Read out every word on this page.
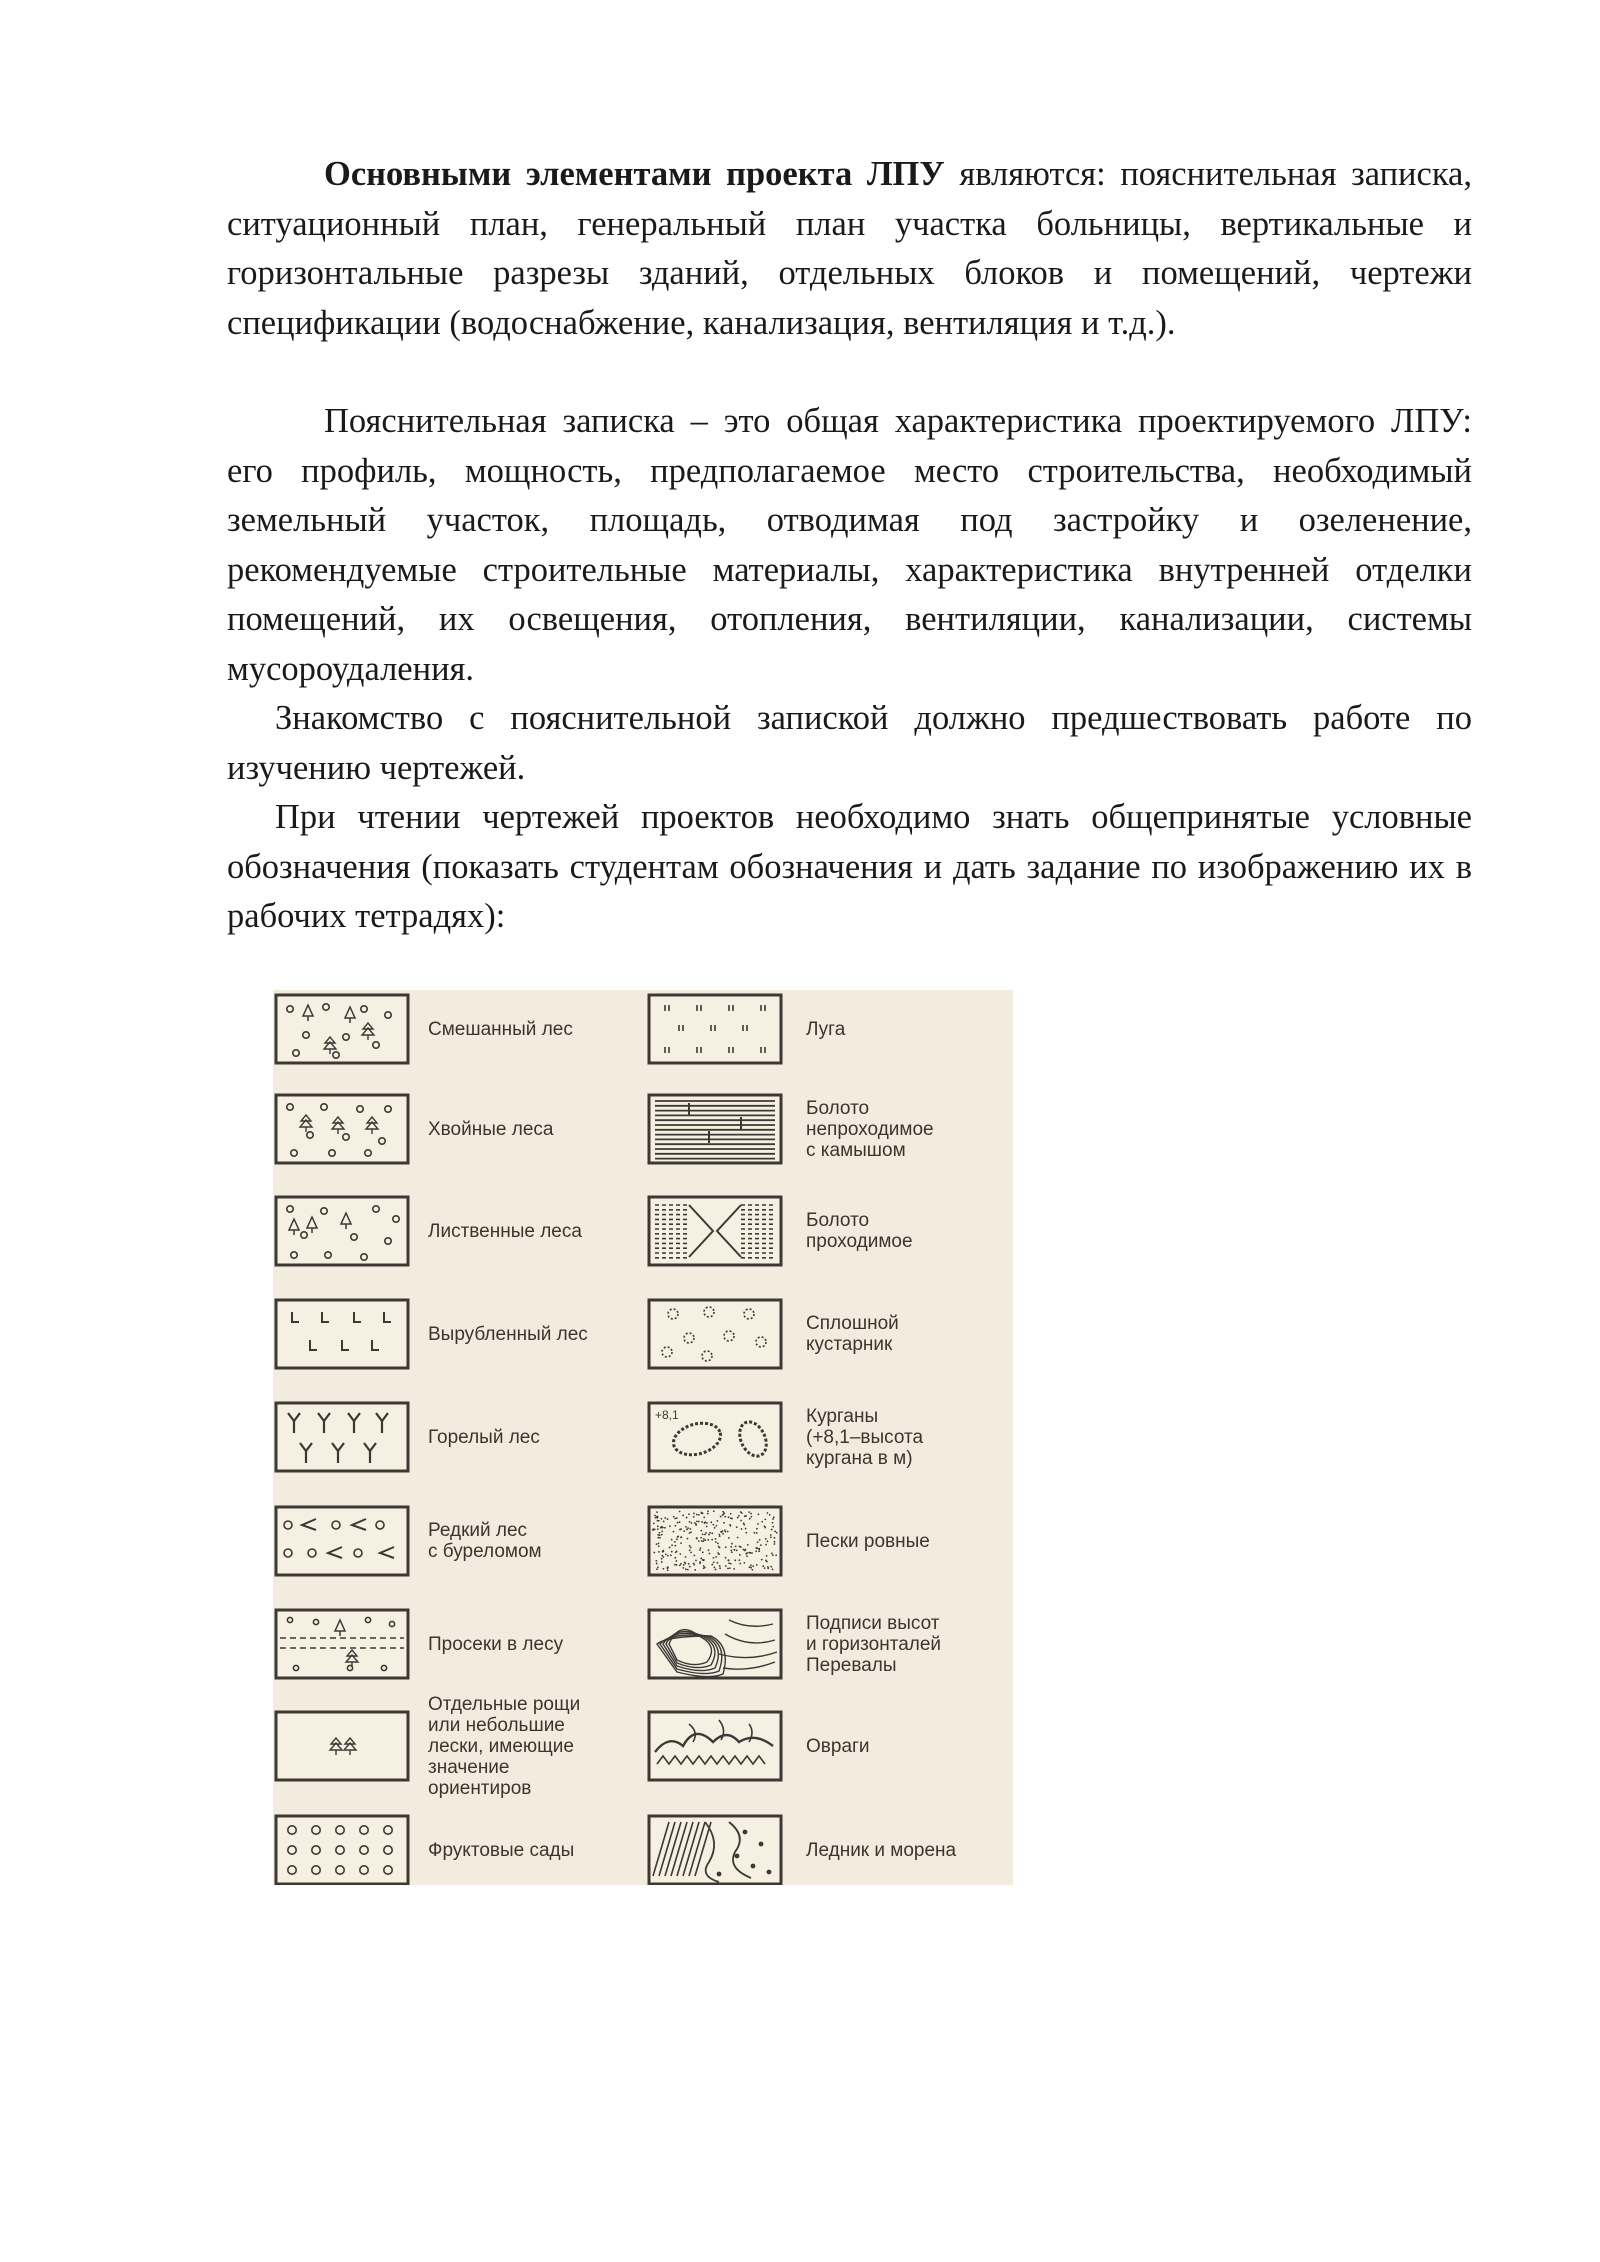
Основными элементами проекта ЛПУ являются: пояснительная записка, ситуационный план, генеральный план участка больницы, вертикальные и горизонтальные разрезы зданий, отдельных блоков и помещений, чертежи спецификации (водоснабжение, канализация, вентиляция и т.д.).

Пояснительная записка – это общая характеристика проектируемого ЛПУ: его профиль, мощность, предполагаемое место строительства, необходимый земельный участок, площадь, отводимая под застройку и озеленение, рекомендуемые строительные материалы, характеристика внутренней отделки помещений, их освещения, отопления, вентиляции, канализации, системы мусороудаления.

Знакомство с пояснительной запиской должно предшествовать работе по изучению чертежей.

При чтении чертежей проектов необходимо знать общепринятые условные обозначения (показать студентам обозначения и дать задание по изображению их в рабочих тетрадях):

+8,1
Смешанный лес
Хвойные леса
Лиственные леса
Вырубленный лес
Горелый лес
Редкий лес
с буреломом
Просеки в лесу
Отдельные рощи
или небольшие
лески, имеющие
значение
ориентиров
Фруктовые сады
Луга
Болото
непроходимое
с камышом
Болото
проходимое
Сплошной
кустарник
Курганы
(+8,1–высота
кургана в м)
Пески ровные
Подписи высот
и горизонталей
Перевалы
Овраги
Ледник и морена
